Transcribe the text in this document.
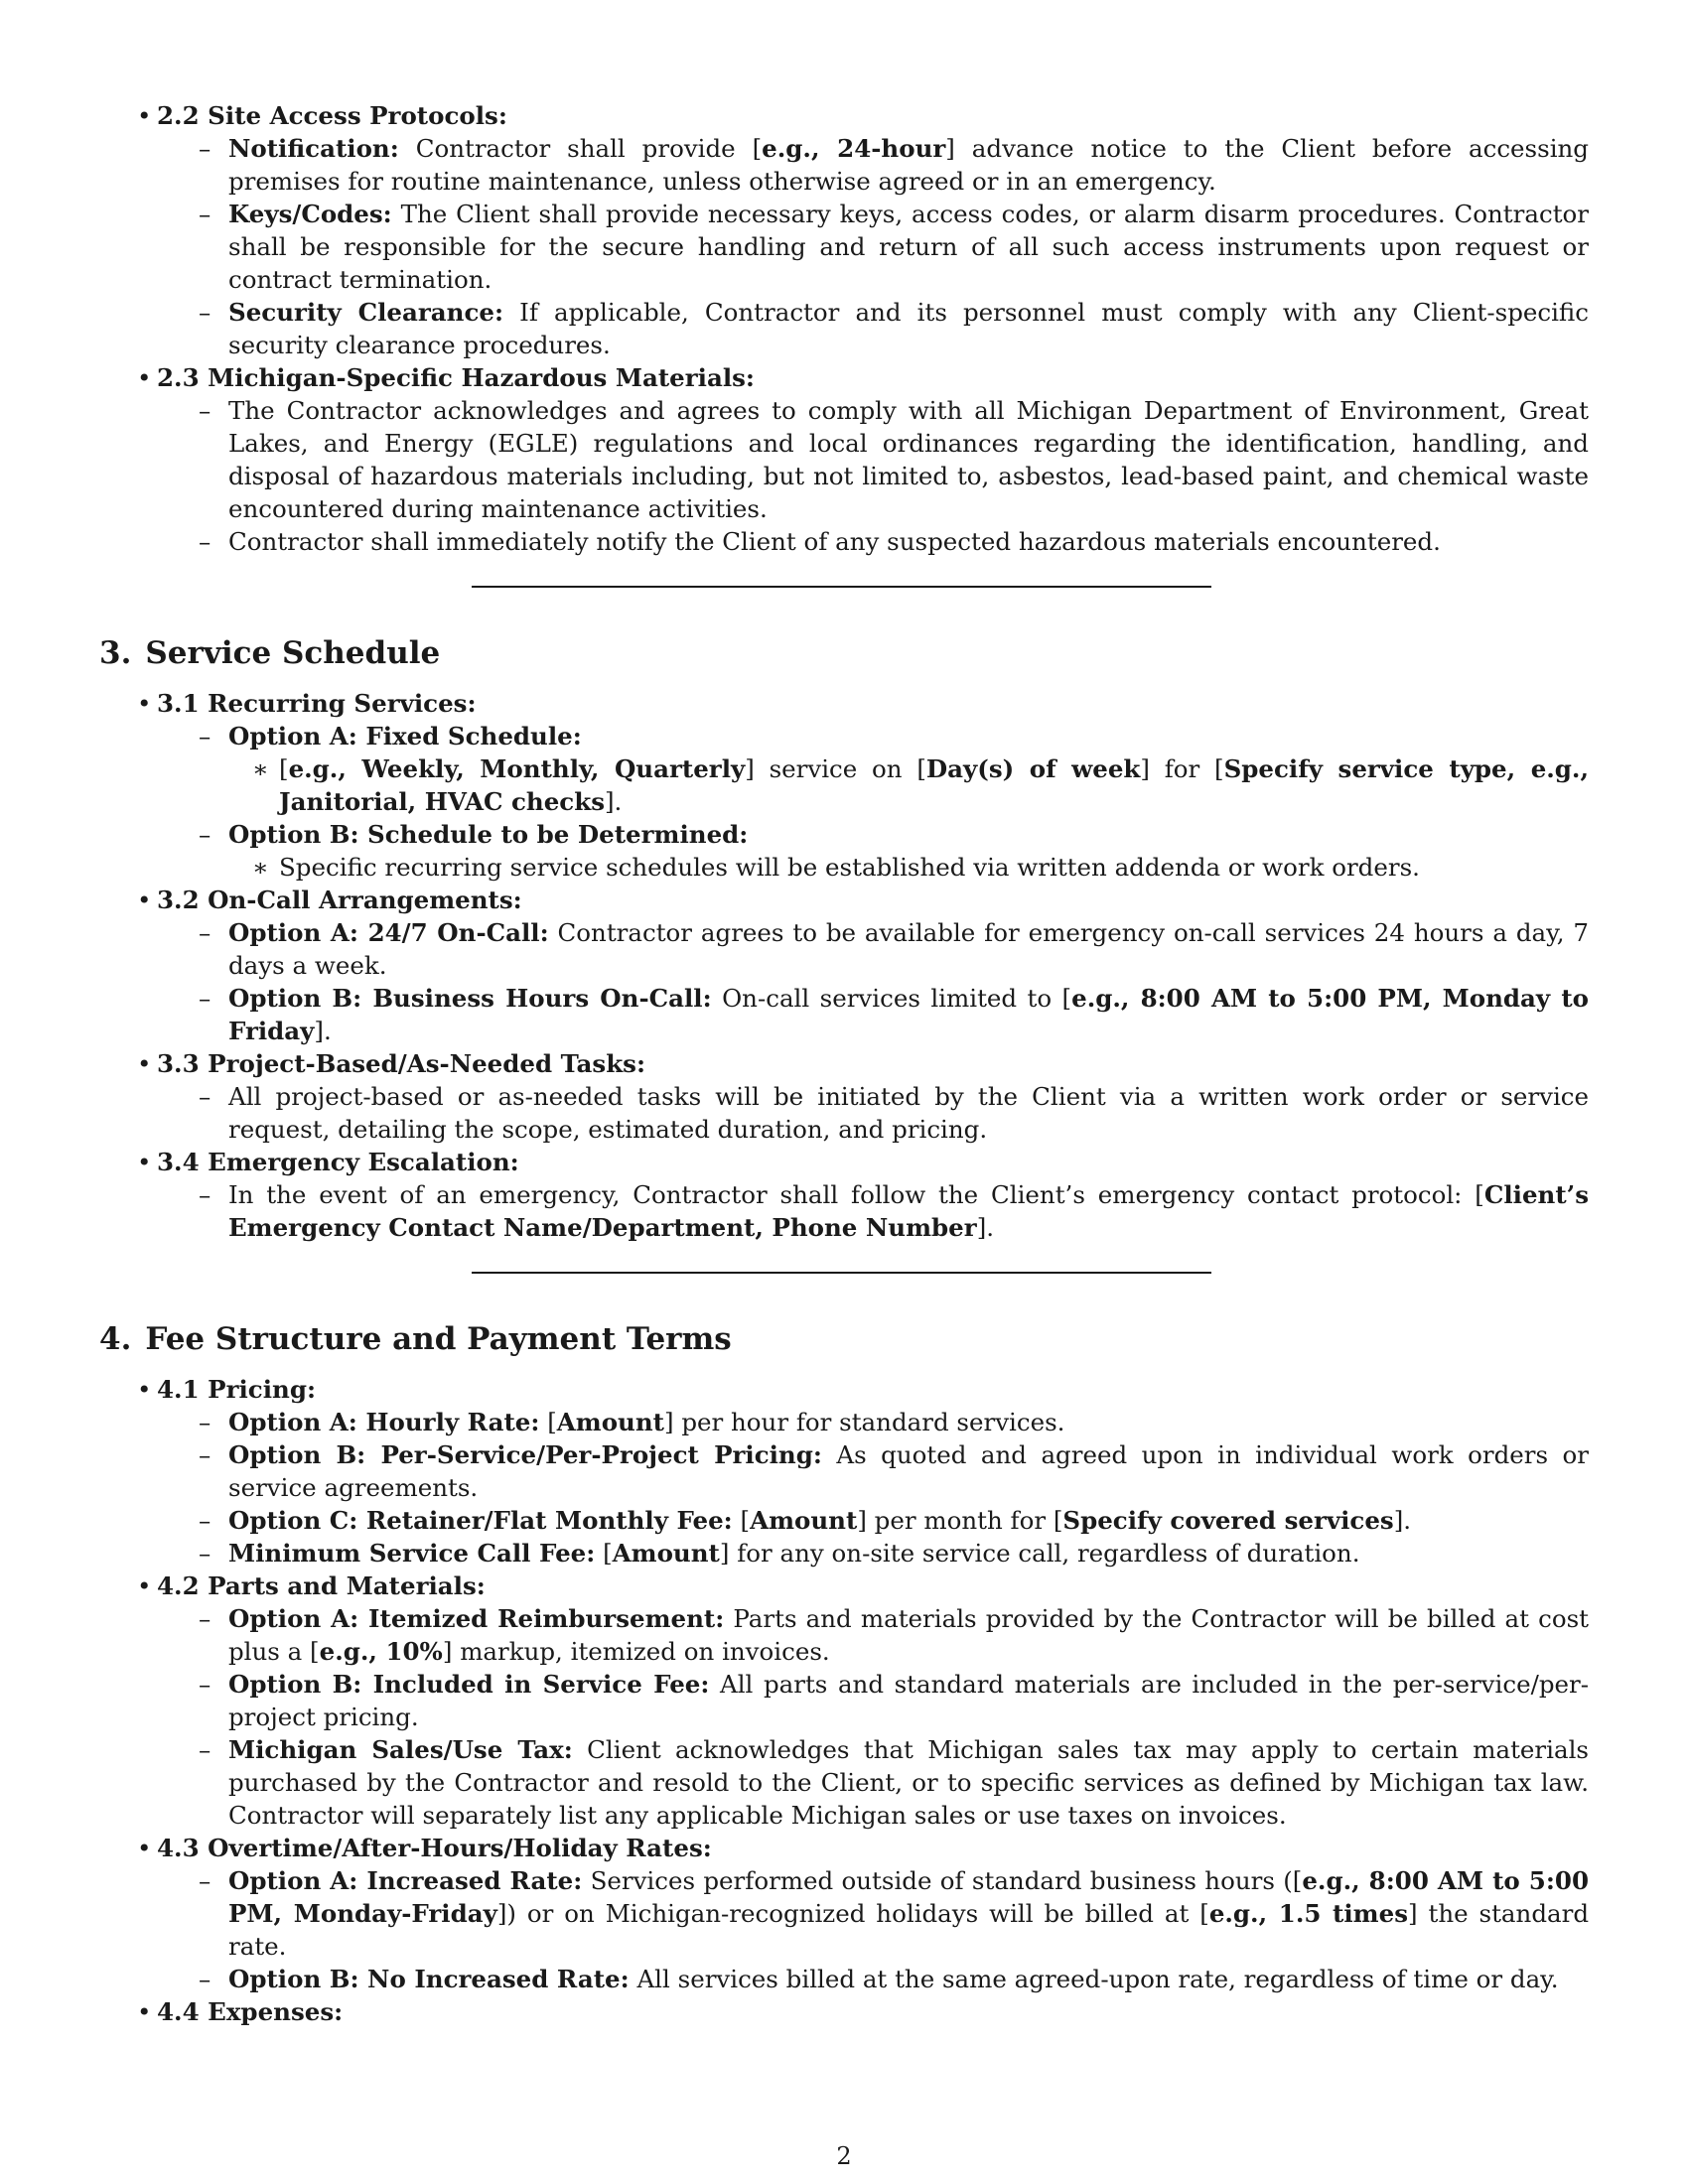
• 2.2 Site Access Protocols:
– Notification: Contractor shall provide [e.g., 24-hour] advance notice to the Client before accessing premises for routine maintenance, unless otherwise agreed or in an emergency.
– Keys/Codes: The Client shall provide necessary keys, access codes, or alarm disarm procedures. Contractor shall be responsible for the secure handling and return of all such access instruments upon request or contract termination.
– Security Clearance: If applicable, Contractor and its personnel must comply with any Client-specific security clearance procedures.
• 2.3 Michigan-Specific Hazardous Materials:
– The Contractor acknowledges and agrees to comply with all Michigan Department of Environment, Great Lakes, and Energy (EGLE) regulations and local ordinances regarding the identification, handling, and disposal of hazardous materials including, but not limited to, asbestos, lead-based paint, and chemical waste encountered during maintenance activities.
– Contractor shall immediately notify the Client of any suspected hazardous materials encountered.
3. Service Schedule
• 3.1 Recurring Services:
– Option A: Fixed Schedule:
∗ [e.g., Weekly, Monthly, Quarterly] service on [Day(s) of week] for [Specify service type, e.g., Janitorial, HVAC checks].
– Option B: Schedule to be Determined:
∗ Specific recurring service schedules will be established via written addenda or work orders.
• 3.2 On-Call Arrangements:
– Option A: 24/7 On-Call: Contractor agrees to be available for emergency on-call services 24 hours a day, 7 days a week.
– Option B: Business Hours On-Call: On-call services limited to [e.g., 8:00 AM to 5:00 PM, Monday to Friday].
• 3.3 Project-Based/As-Needed Tasks:
– All project-based or as-needed tasks will be initiated by the Client via a written work order or service request, detailing the scope, estimated duration, and pricing.
• 3.4 Emergency Escalation:
– In the event of an emergency, Contractor shall follow the Client’s emergency contact protocol: [Client’s Emergency Contact Name/Department, Phone Number].
4. Fee Structure and Payment Terms
• 4.1 Pricing:
– Option A: Hourly Rate: [Amount] per hour for standard services.
– Option B: Per-Service/Per-Project Pricing: As quoted and agreed upon in individual work orders or service agreements.
– Option C: Retainer/Flat Monthly Fee: [Amount] per month for [Specify covered services].
– Minimum Service Call Fee: [Amount] for any on-site service call, regardless of duration.
• 4.2 Parts and Materials:
– Option A: Itemized Reimbursement: Parts and materials provided by the Contractor will be billed at cost plus a [e.g., 10%] markup, itemized on invoices.
– Option B: Included in Service Fee: All parts and standard materials are included in the per-service/per-project pricing.
– Michigan Sales/Use Tax: Client acknowledges that Michigan sales tax may apply to certain materials purchased by the Contractor and resold to the Client, or to specific services as defined by Michigan tax law. Contractor will separately list any applicable Michigan sales or use taxes on invoices.
• 4.3 Overtime/After-Hours/Holiday Rates:
– Option A: Increased Rate: Services performed outside of standard business hours ([e.g., 8:00 AM to 5:00 PM, Monday-Friday]) or on Michigan-recognized holidays will be billed at [e.g., 1.5 times] the standard rate.
– Option B: No Increased Rate: All services billed at the same agreed-upon rate, regardless of time or day.
• 4.4 Expenses:
2
